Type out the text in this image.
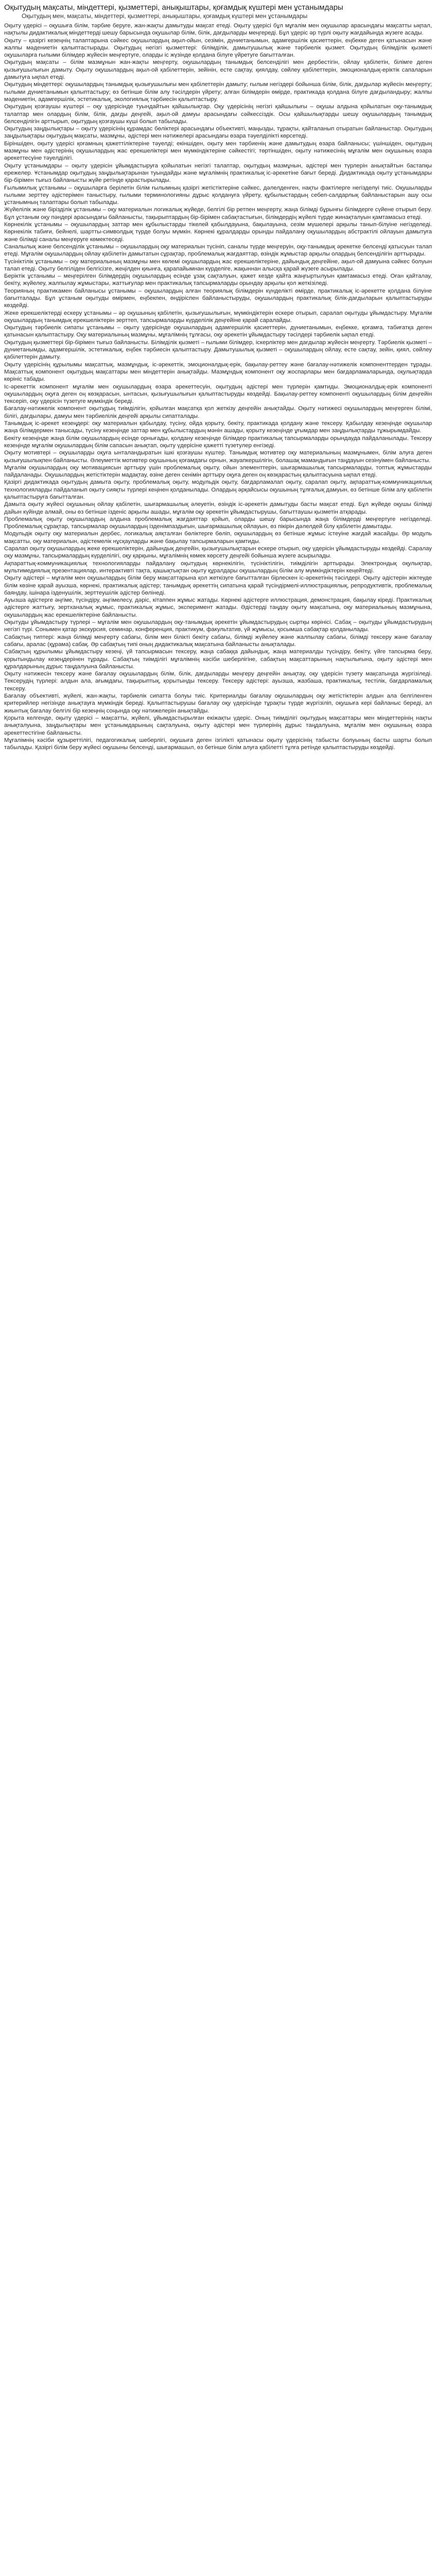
Оқытудың мақсаты, міндеттері, қызметтері, анықыштары, қоғамдық күштері мен ұстанымдары
Оқытудың мен, мақсаты, міндеттері, қызметтері, анықыштары, қоғамдық күштері мен ұстанымдары

Оқыту үдерісі – оқушыға білім, тәрбие беруге, жан-жақты дамытуды мақсат етеді. Оқыту үдерісі бұл мұғалім мен оқушылар арасындағы мақсатты ықпал, нақтылы дидактикалық міндеттерді шешу барысында оқушылар білім, білік, дағдыларды меңгереді. Бұл үдеріс әр түрлі оқыту жағдайында жүзеге асады.

Оқыту – қазіргі кезеңнің талаптарына сәйкес оқушылардың ақыл-ойын, сезімін, дүниетанымын, адамгершілік қасиеттерін, еңбекке деген қатынасын және жалпы мәдениетін қалыптастырады. Оқытудың негізгі қызметтері: білімділік, дамытушылық және тәрбиелік қызмет. Оқытудың білімділік қызметі оқушыларға ғылыми білімдер жүйесін меңгертуге, оларды іс жүзінде қолдана білуге үйретуге бағытталған.

Оқытудың мақсаты – білім мазмұнын жан-жақты меңгерту, оқушылардың танымдық белсенділігі мен дербестігін, ойлау қабілетін, білімге деген қызығушылығын дамыту. Оқыту оқушылардың ақыл-ой қабілеттерін, зейінін, есте сақтау, қиялдау, сөйлеу қабілеттерін, эмоционалдық-еріктік сапаларын дамытуға ықпал етеді.

Оқытудың міндеттері: оқушылардың танымдық қызығушылығы мен қабілеттерін дамыту; ғылым негіздері бойынша білім, білік, дағдылар жүйесін меңгерту; ғылыми дүниетанымын қалыптастыру; өз бетінше білім алу тәсілдерін үйрету; алған білімдерін өмірде, практикада қолдана білуге дағдыландыру; жалпы мәдениетін, адамгершілік, эстетикалық, экологиялық тәрбиесін қалыптастыру.

Оқытудың қозғаушы күштері – оқу үдерісінде туындайтын қайшылықтар. Оқу үдерісінің негізгі қайшылығы – оқушы алдына қойылатын оқу-танымдық талаптар мен олардың білім, білік, дағды деңгейі, ақыл-ой дамуы арасындағы сәйкессіздік. Осы қайшылықтарды шешу оқушылардың танымдық белсенділігін арттырып, оқытудың қозғаушы күші болып табылады.

Оқытудың заңдылықтары – оқыту үдерісінің құрамдас бөліктері арасындағы объективті, маңызды, тұрақты, қайталанып отыратын байланыстар. Оқытудың заңдылықтары оқытудың мақсаты, мазмұны, әдістері мен нәтижелері арасындағы өзара тәуелділікті көрсетеді.

Біріншіден, оқыту үдерісі қоғамның қажеттіліктеріне тәуелді; екіншіден, оқыту мен тәрбиенің және дамытудың өзара байланысы; үшіншіден, оқытудың мазмұны мен әдістерінің оқушылардың жас ерекшеліктері мен мүмкіндіктеріне сәйкестігі; төртіншіден, оқыту нәтижесінің мұғалім мен оқушының өзара әрекеттесуіне тәуелділігі.

Оқыту ұстанымдары – оқыту үдерісін ұйымдастыруға қойылатын негізгі талаптар, оқытудың мазмұнын, әдістері мен түрлерін анықтайтын бастапқы ережелер. Ұстанымдар оқытудың заңдылықтарынан туындайды және мұғалімнің практикалық іс-әрекетіне бағыт береді. Дидактикада оқыту ұстанымдары бір-бірімен тығыз байланысты жүйе ретінде қарастырылады.

Ғылымилық ұстанымы – оқушыларға берілетін білім ғылымның қазіргі жетістіктеріне сәйкес, дәлелденген, нақты фактілерге негізделуі тиіс. Оқушыларды ғылыми зерттеу әдістерімен таныстыру, ғылыми терминологияны дұрыс қолдануға үйрету, құбылыстардың себеп-салдарлық байланыстарын ашу осы ұстанымның талаптары болып табылады.

Жүйелілік және бірізділік ұстанымы – оқу материалын логикалық жүйеде, белгілі бір ретпен меңгерту, жаңа білімді бұрынғы білімдерге сүйене отырып беру. Бұл ұстаным оқу пәндері арасындағы байланысты, тақырыптардың бір-бірімен сабақтастығын, білімдердің жүйелі түрде жинақталуын қамтамасыз етеді.

Көрнекілік ұстанымы – оқушылардың заттар мен құбылыстарды тікелей қабылдауына, бақылауына, сезім мүшелері арқылы танып-білуіне негізделеді. Көрнекілік табиғи, бейнелі, шартты-символдық түрде болуы мүмкін. Көрнекі құралдарды орынды пайдалану оқушылардың абстрактілі ойлауын дамытуға және білімді саналы меңгеруге көмектеседі.

Саналылық және белсенділік ұстанымы – оқушылардың оқу материалын түсініп, саналы түрде меңгеруін, оқу-танымдық әрекетке белсенді қатысуын талап етеді. Мұғалім оқушылардың ойлау қабілетін дамытатын сұрақтар, проблемалық жағдаяттар, өзіндік жұмыстар арқылы олардың белсенділігін арттырады.

Түсініктілік ұстанымы – оқу материалының мазмұны мен көлемі оқушылардың жас ерекшеліктеріне, дайындық деңгейіне, ақыл-ой дамуына сәйкес болуын талап етеді. Оқыту белгіліден белгісізге, жеңілден қиынға, қарапайымнан күрделіге, жақыннан алысқа қарай жүзеге асырылады.

Беріктік ұстанымы – меңгерілген білімдердің оқушылардың есінде ұзақ сақталуын, қажет кезде қайта жаңғыртылуын қамтамасыз етеді. Оған қайталау, бекіту, жүйелеу, жалпылау жұмыстары, жаттығулар мен практикалық тапсырмаларды орындау арқылы қол жеткізіледі.

Теорияның практикамен байланысы ұстанымы – оқушылардың алған теориялық білімдерін күнделікті өмірде, практикалық іс-әрекетте қолдана білуіне бағытталады. Бұл ұстаным оқытуды өмірмен, еңбекпен, өндіріспен байланыстыруды, оқушылардың практикалық білік-дағдыларын қалыптастыруды көздейді.

Жеке ерекшеліктерді ескеру ұстанымы – әр оқушының қабілетін, қызығушылығын, мүмкіндіктерін ескере отырып, саралап оқытуды ұйымдастыру. Мұғалім оқушылардың танымдық ерекшеліктерін зерттеп, тапсырмаларды күрделілік деңгейіне қарай саралайды.

Оқытудың тәрбиелік сипаты ұстанымы – оқыту үдерісінде оқушылардың адамгершілік қасиеттерін, дүниетанымын, еңбекке, қоғамға, табиғатқа деген қатынасын қалыптастыру. Оқу материалының мазмұны, мұғалімнің тұлғасы, оқу әрекетін ұйымдастыру тәсілдері тәрбиелік ықпал етеді.

Оқытудың қызметтері бір-бірімен тығыз байланысты. Білімділік қызметі – ғылыми білімдер, іскерліктер мен дағдылар жүйесін меңгерту. Тәрбиелік қызметі – дүниетанымды, адамгершілік, эстетикалық, еңбек тәрбиесін қалыптастыру. Дамытушылық қызметі – оқушылардың ойлау, есте сақтау, зейін, қиял, сөйлеу қабілеттерін дамыту.

Оқыту үдерісінің құрылымы мақсаттық, мазмұндық, іс-әрекеттік, эмоционалдық-ерік, бақылау-реттеу және бағалау-нәтижелік компоненттерден тұрады. Мақсаттық компонент оқытудың мақсаттары мен міндеттерін анықтайды. Мазмұндық компонент оқу жоспарлары мен бағдарламаларында, оқулықтарда көрініс табады.

Іс-әрекеттік компонент мұғалім мен оқушылардың өзара әрекеттесуін, оқытудың әдістері мен түрлерін қамтиды. Эмоционалдық-ерік компоненті оқушылардың оқуға деген оң көзқарасын, ынтасын, қызығушылығын қалыптастыруды көздейді. Бақылау-реттеу компоненті оқушылардың білім деңгейін тексеріп, оқу үдерісін түзетуге мүмкіндік береді.

Бағалау-нәтижелік компонент оқытудың тиімділігін, қойылған мақсатқа қол жеткізу деңгейін анықтайды. Оқыту нәтижесі оқушылардың меңгерген білімі, білігі, дағдылары, дамуы мен тәрбиелілік деңгейі арқылы сипатталады.

Танымдық іс-әрекет кезеңдері: оқу материалын қабылдау, түсіну, ойда қорыту, бекіту, практикада қолдану және тексеру. Қабылдау кезеңінде оқушылар жаңа білімдермен танысады, түсіну кезеңінде заттар мен құбылыстардың мәнін ашады, қорыту кезеңінде ұғымдар мен заңдылықтарды тұжырымдайды.

Бекіту кезеңінде жаңа білім оқушылардың есінде орнығады, қолдану кезеңінде білімдер практикалық тапсырмаларды орындауда пайдаланылады. Тексеру кезеңінде мұғалім оқушылардың білім сапасын анықтап, оқыту үдерісіне қажетті түзетулер енгізеді.

Оқыту мотивтері – оқушыларды оқуға ынталандыратын ішкі қозғаушы күштер. Танымдық мотивтер оқу материалының мазмұнымен, білім алуға деген қызығушылықпен байланысты. Әлеуметтік мотивтер оқушының қоғамдағы орнын, жауапкершілігін, болашақ мамандығын таңдауын сезінуімен байланысты.

Мұғалім оқушылардың оқу мотивациясын арттыру үшін проблемалық оқыту, ойын элементтерін, шығармашылық тапсырмаларды, топтық жұмыстарды пайдаланады. Оқушылардың жетістіктерін мадақтау, өзіне деген сенімін арттыру оқуға деген оң көзқарастың қалыптасуына ықпал етеді.

Қазіргі дидактикада оқытудың дамыта оқыту, проблемалық оқыту, модульдік оқыту, бағдарламалап оқыту, саралап оқыту, ақпараттық-коммуникациялық технологияларды пайдаланып оқыту сияқты түрлері кеңінен қолданылады. Олардың әрқайсысы оқушының тұлғалық дамуын, өз бетінше білім алу қабілетін қалыптастыруға бағытталған.

Дамыта оқыту жүйесі оқушының ойлау қабілетін, шығармашылық әлеуетін, өзіндік іс-әрекетін дамытуды басты мақсат етеді. Бұл жүйеде оқушы білімді дайын күйінде алмай, оны өз бетінше ізденіс арқылы ашады, мұғалім оқу әрекетін ұйымдастырушы, бағыттаушы қызметін атқарады.

Проблемалық оқыту оқушылардың алдына проблемалық жағдаяттар қойып, оларды шешу барысында жаңа білімдерді меңгертуге негізделеді. Проблемалық сұрақтар, тапсырмалар оқушылардың ізденімпаздығын, шығармашылық ойлауын, өз пікірін дәлелдей білу қабілетін дамытады.

Модульдік оқыту оқу материалын дербес, логикалық аяқталған бөліктерге бөліп, оқушылардың өз бетінше жұмыс істеуіне жағдай жасайды. Әр модуль мақсатты, оқу материалын, әдістемелік нұсқауларды және бақылау тапсырмаларын қамтиды.

Саралап оқыту оқушылардың жеке ерекшеліктерін, дайындық деңгейін, қызығушылықтарын ескере отырып, оқу үдерісін ұйымдастыруды көздейді. Саралау оқу мазмұны, тапсырмалардың күрделілігі, оқу қарқыны, мұғалімнің көмек көрсету деңгейі бойынша жүзеге асырылады.

Ақпараттық-коммуникациялық технологияларды пайдалану оқытудың көрнекілігін, түсініктілігін, тиімділігін арттырады. Электрондық оқулықтар, мультимедиялық презентациялар, интерактивті тақта, қашықтықтан оқыту құралдары оқушылардың білім алу мүмкіндіктерін кеңейтеді.

Оқыту әдістері – мұғалім мен оқушылардың білім беру мақсаттарына қол жеткізуге бағытталған бірлескен іс-әрекетінің тәсілдері. Оқыту әдістерін жіктеуде білім көзіне қарай ауызша, көрнекі, практикалық әдістер; танымдық әрекеттің сипатына қарай түсіндірмелі-иллюстрациялық, репродуктивтік, проблемалық баяндау, ішінара ізденушілік, зерттеушілік әдістер бөлінеді.

Ауызша әдістерге әңгіме, түсіндіру, әңгімелесу, дәріс, кітаппен жұмыс жатады. Көрнекі әдістерге иллюстрация, демонстрация, бақылау кіреді. Практикалық әдістерге жаттығу, зертханалық жұмыс, практикалық жұмыс, эксперимент жатады. Әдістерді таңдау оқыту мақсатына, оқу материалының мазмұнына, оқушылардың жас ерекшеліктеріне байланысты.

Оқытуды ұйымдастыру түрлері – мұғалім мен оқушылардың оқу-танымдық әрекетін ұйымдастырудың сыртқы көрінісі. Сабақ – оқытуды ұйымдастырудың негізгі түрі. Сонымен қатар экскурсия, семинар, конференция, практикум, факультатив, үй жұмысы, қосымша сабақтар қолданылады.

Сабақтың типтері: жаңа білімді меңгерту сабағы, білім мен білікті бекіту сабағы, білімді жүйелеу және жалпылау сабағы, білімді тексеру және бағалау сабағы, аралас (құрама) сабақ. Әр сабақтың типі оның дидактикалық мақсатына байланысты анықталады.

Сабақтың құрылымы ұйымдастыру кезеңі, үй тапсырмасын тексеру, жаңа сабаққа дайындық, жаңа материалды түсіндіру, бекіту, үйге тапсырма беру, қорытындылау кезеңдерінен тұрады. Сабақтың тиімділігі мұғалімнің кәсіби шеберлігіне, сабақтың мақсаттарының нақтылығына, оқыту әдістері мен құралдарының дұрыс таңдалуына байланысты.

Оқыту нәтижесін тексеру және бағалау оқушылардың білім, білік, дағдыларды меңгеру деңгейін анықтау, оқу үдерісін түзету мақсатында жүргізіледі. Тексерудің түрлері: алдын ала, ағымдағы, тақырыптық, қорытынды тексеру. Тексеру әдістері: ауызша, жазбаша, практикалық, тестілік, бағдарламалық тексеру.

Бағалау объективті, жүйелі, жан-жақты, тәрбиелік сипатта болуы тиіс. Критериалды бағалау оқушылардың оқу жетістіктерін алдын ала белгіленген критерийлер негізінде анықтауға мүмкіндік береді. Қалыптастырушы бағалау оқу үдерісінде тұрақты түрде жүргізіліп, оқушыға кері байланыс береді, ал жиынтық бағалау белгілі бір кезеңнің соңында оқу нәтижелерін анықтайды.

Қорыта келгенде, оқыту үдерісі – мақсатты, жүйелі, ұйымдастырылған екіжақты үдеріс. Оның тиімділігі оқытудың мақсаттары мен міндеттерінің нақты анықталуына, заңдылықтары мен ұстанымдарының сақталуына, оқыту әдістері мен түрлерінің дұрыс таңдалуына, мұғалім мен оқушының өзара әрекеттестігіне байланысты.

Мұғалімнің кәсіби құзыреттілігі, педагогикалық шеберлігі, оқушыға деген ізгілікті қатынасы оқыту үдерісінің табысты болуының басты шарты болып табылады. Қазіргі білім беру жүйесі оқушыны белсенді, шығармашыл, өз бетінше білім алуға қабілетті тұлға ретінде қалыптастыруды көздейді.
